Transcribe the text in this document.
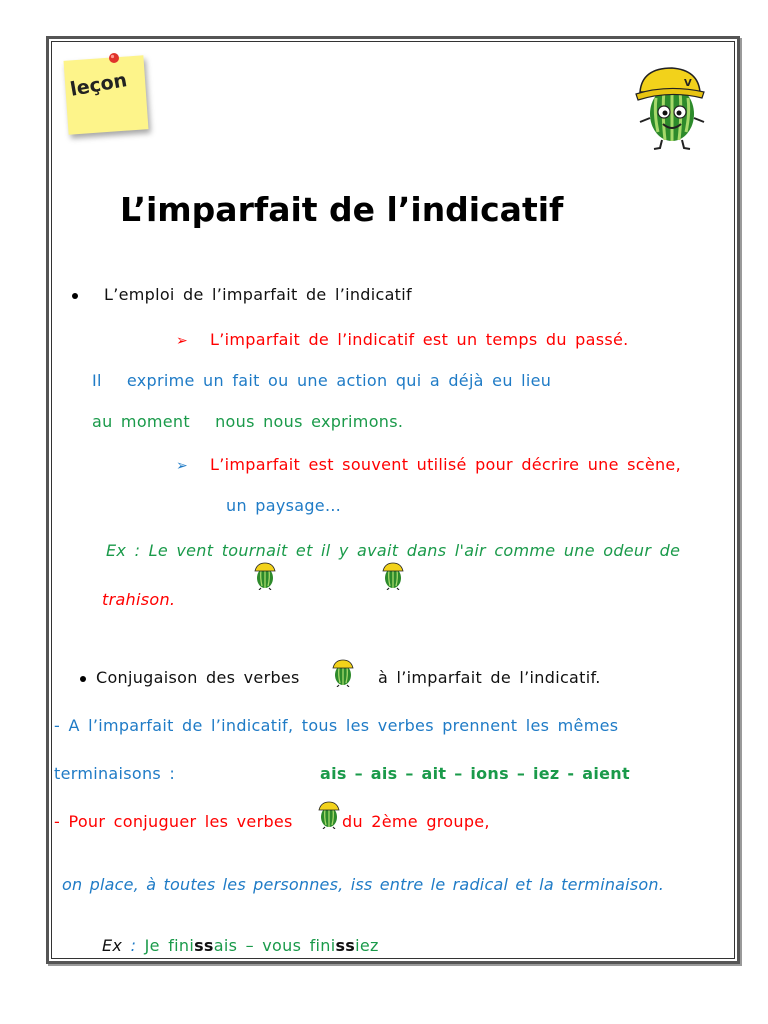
leçon	V
L’imparfait de l’indicatif
L’emploi de l’imparfait de l’indicatif
➢ L’imparfait de l’indicatif est un temps du passé.
Il   exprime un fait ou une action qui a déjà eu lieu
au moment   nous nous exprimons.
➢ L’imparfait est souvent utilisé pour décrire une scène,
un paysage…
Ex : Le vent tournait et il y avait dans l'air comme une odeur de
trahison.
Conjugaison des verbes	à l’imparfait de l’indicatif.
- A l’imparfait de l’indicatif, tous les verbes prennent les mêmes
terminaisons :	ais – ais – ait – ions – iez - aient
- Pour conjuguer les verbes	du 2ème groupe,
on place, à toutes les personnes, iss entre le radical et la terminaison.
Ex : Je finissais – vous finissiez
